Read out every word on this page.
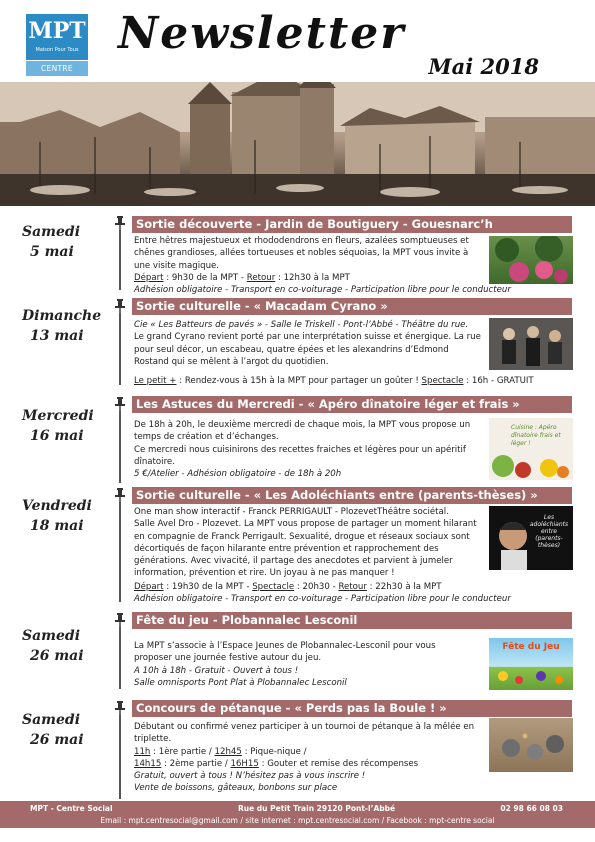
MPT
Maison Pour Tous
CENTRE
Newsletter
Mai 2018
Samedi
5 mai
Sortie découverte - Jardin de Boutiguery - Gouesnarc’h

Entre hêtres majestueux et rhododendrons en fleurs, azalées somptueuses et chênes grandioses, allées tortueuses et nobles séquoias, la MPT vous invite à une visite magique.

Départ : 9h30 de la MPT - Retour : 12h30 à la MPT

Adhésion obligatoire - Transport en co-voiturage - Participation libre pour le conducteur

Dimanche
13 mai
Sortie culturelle - « Macadam Cyrano »

Cie « Les Batteurs de pavés » - Salle le Triskell - Pont-l’Abbé - Théâtre du rue.

Le grand Cyrano revient porté par une interprétation suisse et énergique. La rue pour seul décor, un escabeau, quatre épées et les alexandrins d’Edmond Rostand qui se mêlent à l’argot du quotidien.

Le petit + : Rendez-vous à 15h à la MPT pour partager un goûter ! Spectacle : 16h - GRATUIT
Mercredi
16 mai
Les Astuces du Mercredi - « Apéro dînatoire léger et frais »

De 18h à 20h, le deuxième mercredi de chaque mois, la MPT vous propose un temps de création et d’échanges.

Ce mercredi nous cuisinirons des recettes fraiches et légères pour un apéritif dînatoire.

5 €/Atelier - Adhésion obligatoire - de 18h à 20h

Cuisine : Apéro dînatoire frais et léger !
Vendredi
18 mai
Sortie culturelle - « Les Adoléchiants entre (parents-thèses) »

One man show interactif - Franck PERRIGAULT - PlozevetThéâtre sociétal.

Salle Avel Dro - Plozevet. La MPT vous propose de partager un moment hilarant en compagnie de Franck Perrigault. Sexualité, drogue et réseaux sociaux sont décortiqués de façon hilarante entre prévention et rapprochement des générations. Avec vivacité, il partage des anecdotes et parvient à jumeler information, prévention et rire. Un joyau à ne pas manquer !

Départ : 19h30 de la MPT - Spectacle : 20h30 - Retour : 22h30 à la MPT

Adhésion obligatoire - Transport en co-voiturage - Participation libre pour le conducteur

Les adoléchiants entre (parents-thèses)
Samedi
26 mai
Fête du jeu - Plobannalec Lesconil

La MPT s’associe à l’Espace Jeunes de Plobannalec-Lesconil pour vous proposer une journée festive autour du jeu.

A 10h à 18h - Gratuit - Ouvert à tous !

Salle omnisports Pont Plat à Plobannalec Lesconil

Fête du Jeu
Samedi
26 mai
Concours de pétanque - « Perds pas la Boule ! »

Débutant ou confirmé venez participer à un tournoi de pétanque à la mêlée en triplette.

11h : 1ère partie / 12h45 : Pique-nique /

14h15 : 2ème partie / 16H15 : Gouter et remise des récompenses

Gratuit, ouvert à tous ! N’hésitez pas à vous inscrire !

Vente de boissons, gâteaux, bonbons sur place

MPT - Centre Social	Rue du Petit Train 29120 Pont-l’Abbé	02 98 66 08 03
Email : mpt.centresocial@gmail.com / site internet : mpt.centresocial.com / Facebook : mpt-centre social
